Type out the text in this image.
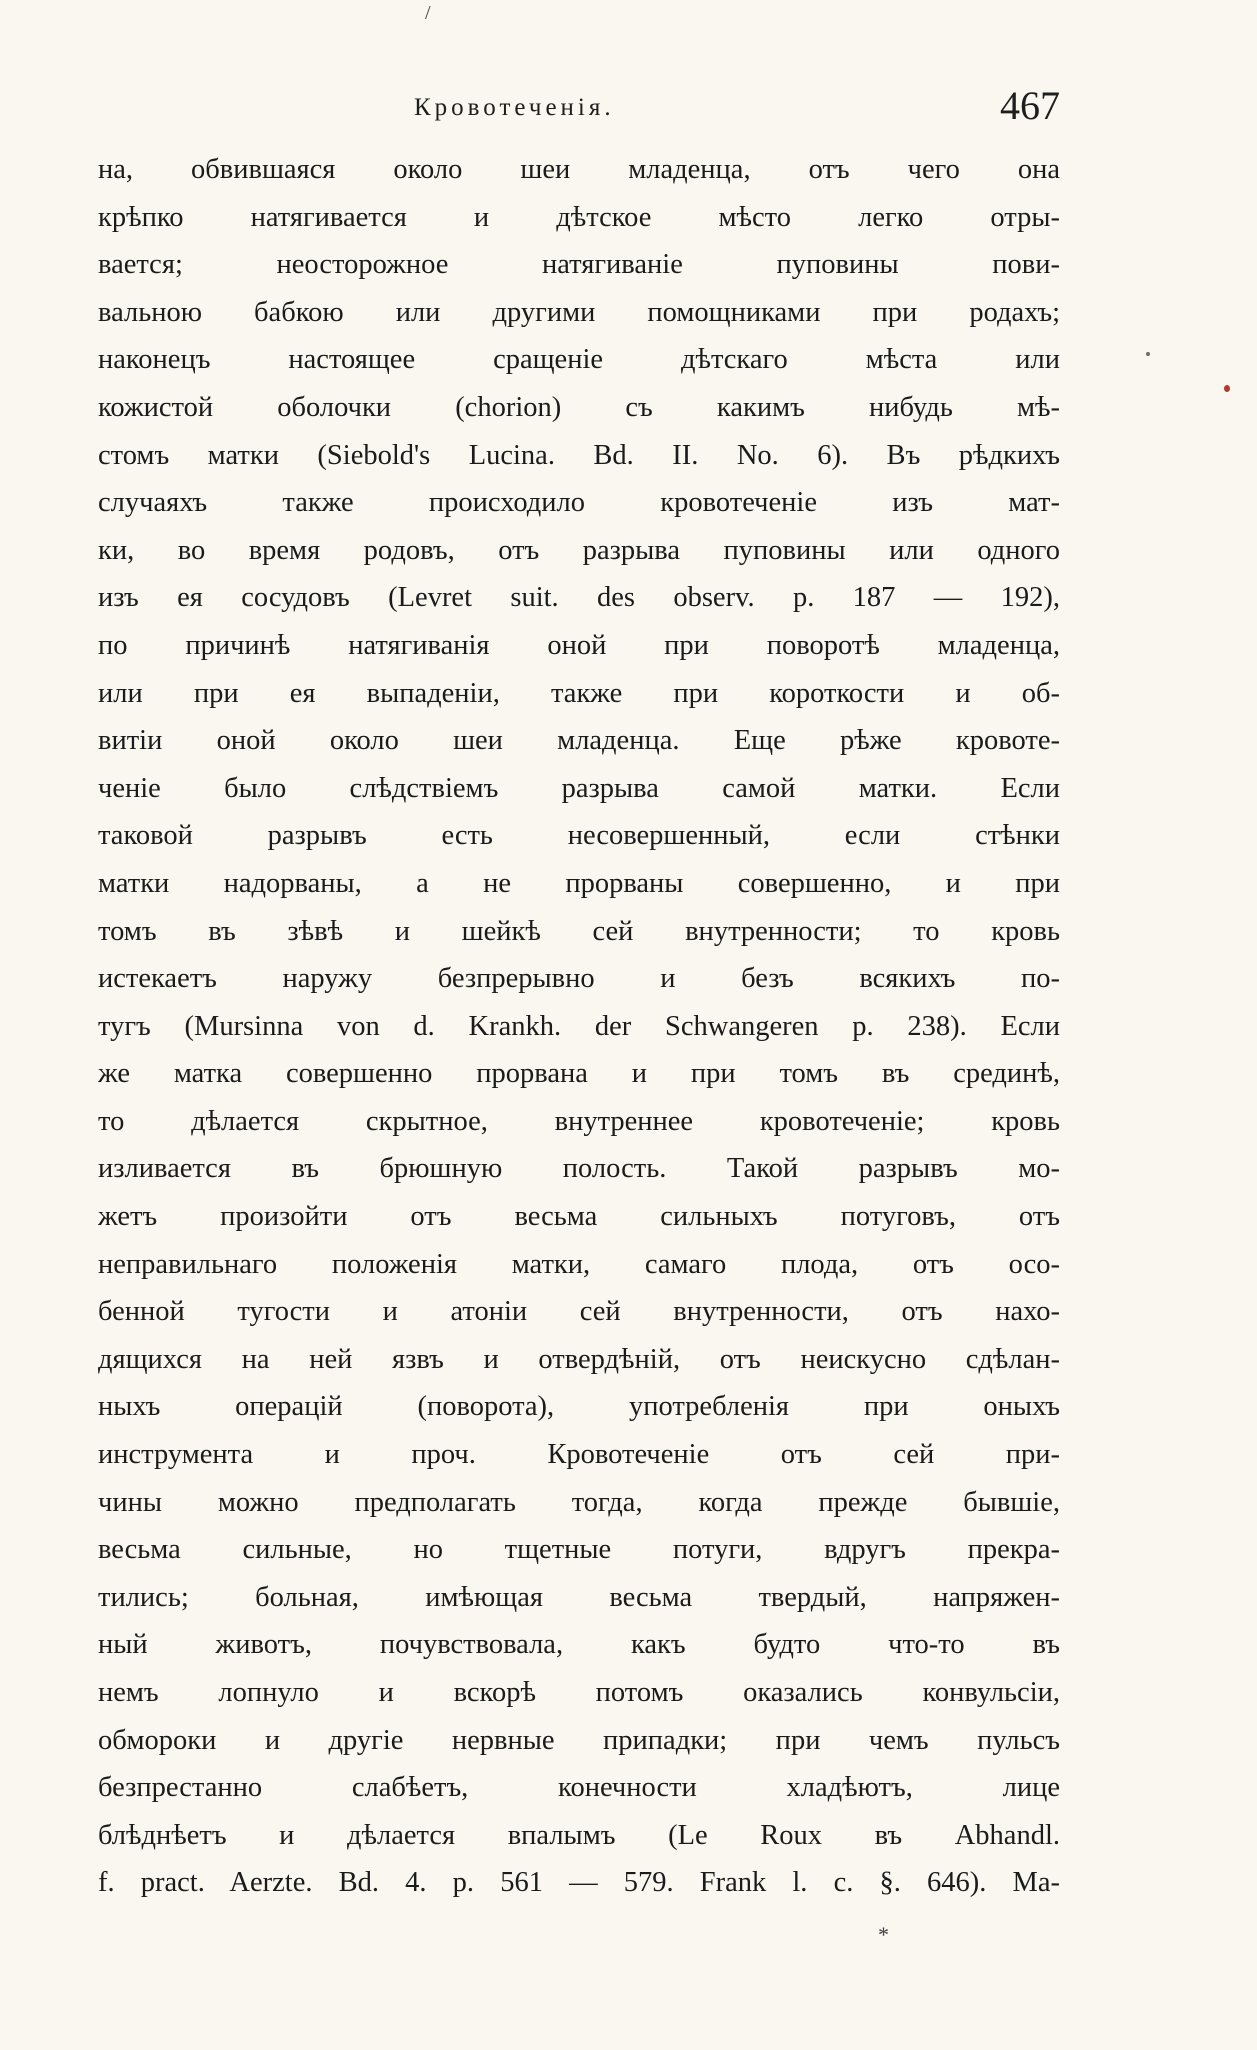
/
Кровотеченія.	467
на, обвившаяся около шеи младенца, отъ чего она
крѣпко натягивается и дѣтское мѣсто легко отры-
вается; неосторожное натягиваніе пуповины пови-
вальною бабкою или другими помощниками при родахъ;
наконецъ настоящее сращеніе дѣтскаго мѣста или
кожистой оболочки (chorion) съ какимъ нибудь мѣ-
стомъ матки (Siebold's Lucina. Bd. II. No. 6). Въ рѣдкихъ
случаяхъ также происходило кровотеченіе изъ мат-
ки, во время родовъ, отъ разрыва пуповины или одного
изъ ея сосудовъ (Levret suit. des observ. p. 187 — 192),
по причинѣ натягиванія оной при поворотѣ младенца,
или при ея выпаденіи, также при короткости и об-
витіи оной около шеи младенца. Еще рѣже кровоте-
ченіе было слѣдствіемъ разрыва самой матки. Если
таковой разрывъ есть несовершенный, если стѣнки
матки надорваны, а не прорваны совершенно, и при
томъ въ зѣвѣ и шейкѣ сей внутренности; то кровь
истекаетъ наружу безпрерывно и безъ всякихъ по-
тугъ (Mursinna von d. Krankh. der Schwangeren p. 238). Если
же матка совершенно прорвана и при томъ въ срединѣ,
то дѣлается скрытное, внутреннее кровотеченіе; кровь
изливается въ брюшную полость. Такой разрывъ мо-
жетъ произойти отъ весьма сильныхъ потуговъ, отъ
неправильнаго положенія матки, самаго плода, отъ осо-
бенной тугости и атоніи сей внутренности, отъ нахо-
дящихся на ней язвъ и отвердѣній, отъ неискусно сдѣлан-
ныхъ операцій (поворота), употребленія при оныхъ
инструмента и проч. Кровотеченіе отъ сей при-
чины можно предполагать тогда, когда прежде бывшіе,
весьма сильные, но тщетные потуги, вдругъ прекра-
тились; больная, имѣющая весьма твердый, напряжен-
ный животъ, почувствовала, какъ будто что-то въ
немъ лопнуло и вскорѣ потомъ оказались конвульсіи,
обмороки и другіе нервные припадки; при чемъ пульсъ
безпрестанно слабѣетъ, конечности хладѣютъ, лице
блѣднѣетъ и дѣлается впалымъ (Le Roux въ Abhandl.
f. pract. Aerzte. Bd. 4. p. 561 — 579. Frank l. c. §. 646). Ма-
*
